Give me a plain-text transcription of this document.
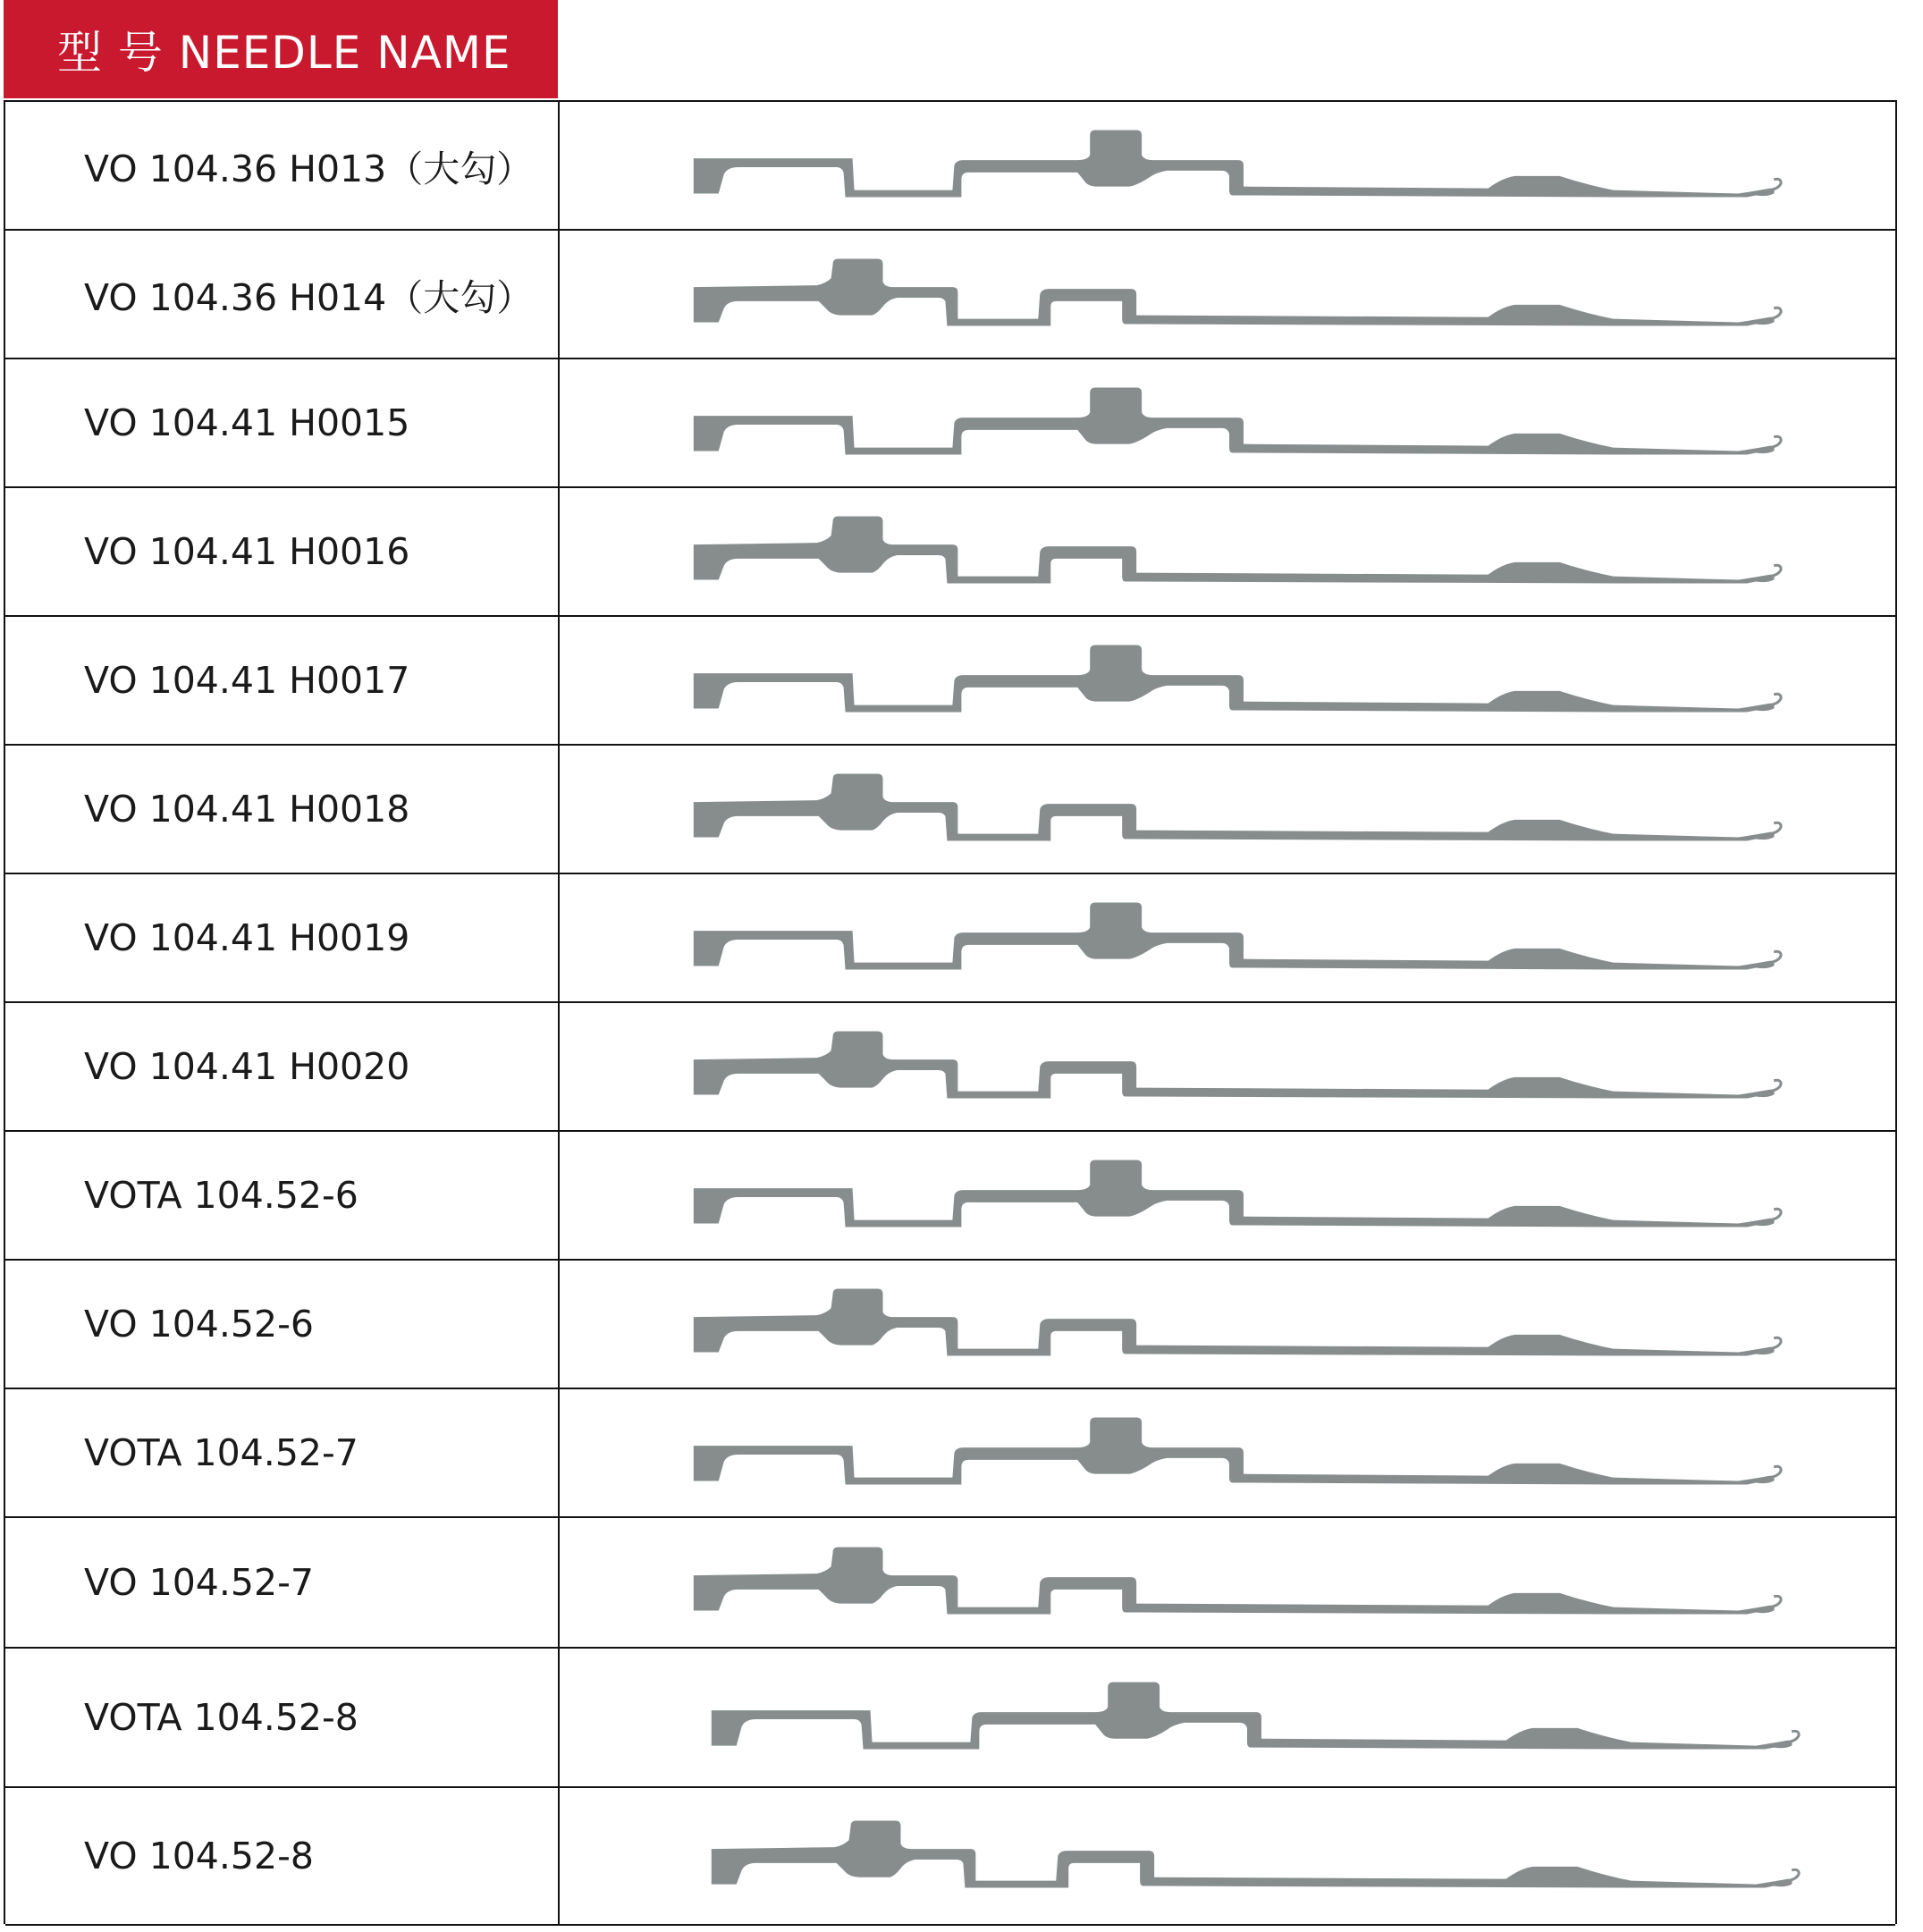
型 号 NEEDLE NAME
VO 104.36 H013（大勾）
VO 104.36 H014（大勾）
VO 104.41 H0015
VO 104.41 H0016
VO 104.41 H0017
VO 104.41 H0018
VO 104.41 H0019
VO 104.41 H0020
VOTA 104.52-6
VO 104.52-6
VOTA 104.52-7
VO 104.52-7
VOTA 104.52-8
VO 104.52-8
